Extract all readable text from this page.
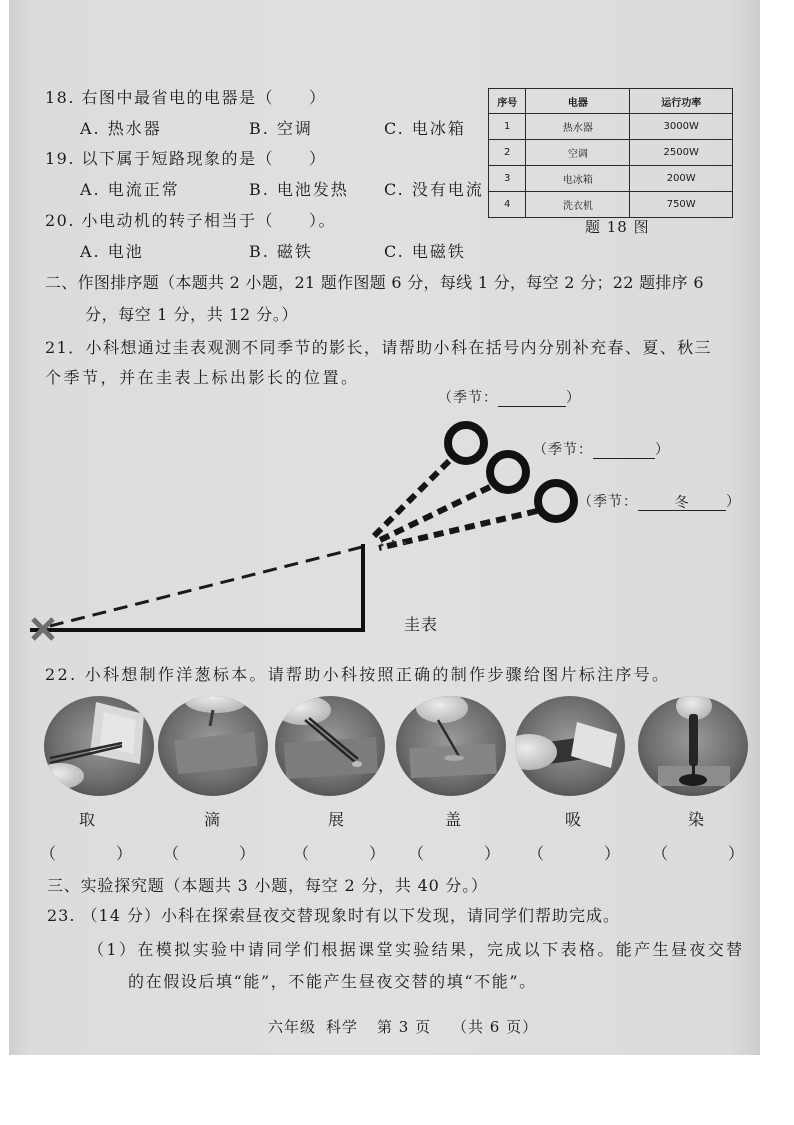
18. 右图中最省电的电器是（　　）
A. 热水器	B. 空调	C. 电冰箱
19. 以下属于短路现象的是（　　）
A. 电流正常	B. 电池发热 C. 没有电流
20. 小电动机的转子相当于（　　）。
A. 电池	B. 磁铁	C. 电磁铁
序号	电器	运行功率
1	热水器	3000W
2	空调	2500W
3	电冰箱	200W
4	洗衣机	750W
题 18 图
二、作图排序题（本题共 2 小题，21 题作图题 6 分，每线 1 分，每空 2 分；22 题排序 6
分，每空 1 分，共 12 分。）
21．小科想通过圭表观测不同季节的影长，请帮助小科在括号内分别补充春、夏、秋三
个季节，并在圭表上标出影长的位置。
（季节：	）
（季节：	）
（季节：	冬	）
圭表
22. 小科想制作洋葱标本。请帮助小科按照正确的制作步骤给图片标注序号。
取	滴	展	盖	吸	染
（　　　） （　　　） （　　　） （　　　） （　　　） （　　　）
三、实验探究题（本题共 3 小题，每空 2 分，共 40 分。）
23. （14 分）小科在探索昼夜交替现象时有以下发现，请同学们帮助完成。
（1）在模拟实验中请同学们根据课堂实验结果，完成以下表格。能产生昼夜交替
的在假设后填“能”，不能产生昼夜交替的填“不能”。
六年级 科学 第 3 页 （共 6 页）
